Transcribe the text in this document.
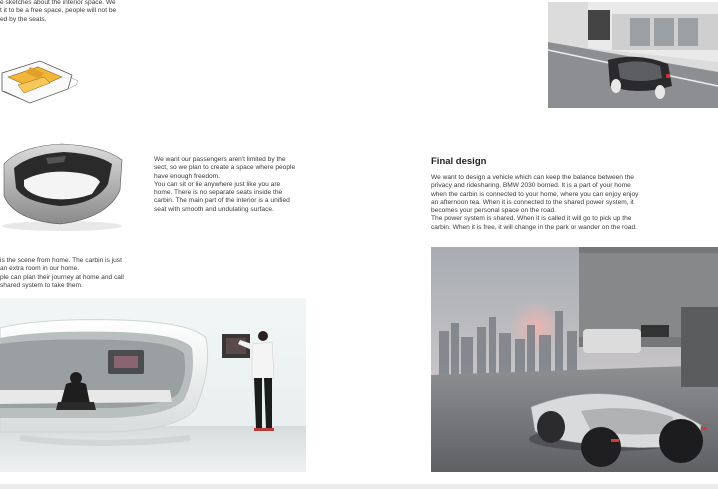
e sketches about the interior space. We
t it to be a free space, people will not be
ed by the seats.
We want our passengers aren't limited by the
sect, so we plan to create a space where people
have enough freedom.
You can sit or lie anywhere just like you are
home. There is no separate seats inside the
carbin. The main part of the interior is a unified
seat with smooth and undulating surface.
is the scene from home. The carbin is just
an extra room in our home.
ple can plan their journey at home and call
shared system to take them.
Final design
We want to design a vehicle which can keep the balance between the
privacy and ridesharing. BMW 2030 borned. It is a part of your home
when the carbin is connected to your home, where you can enjoy enjoy
an afternoon tea. When it is connected to the shared power system, it
becomes your personal space on the road.
The power system is shared. When it is called it will go to pick up the
carbin. When it is free, it will change in the park or wander on the road.
